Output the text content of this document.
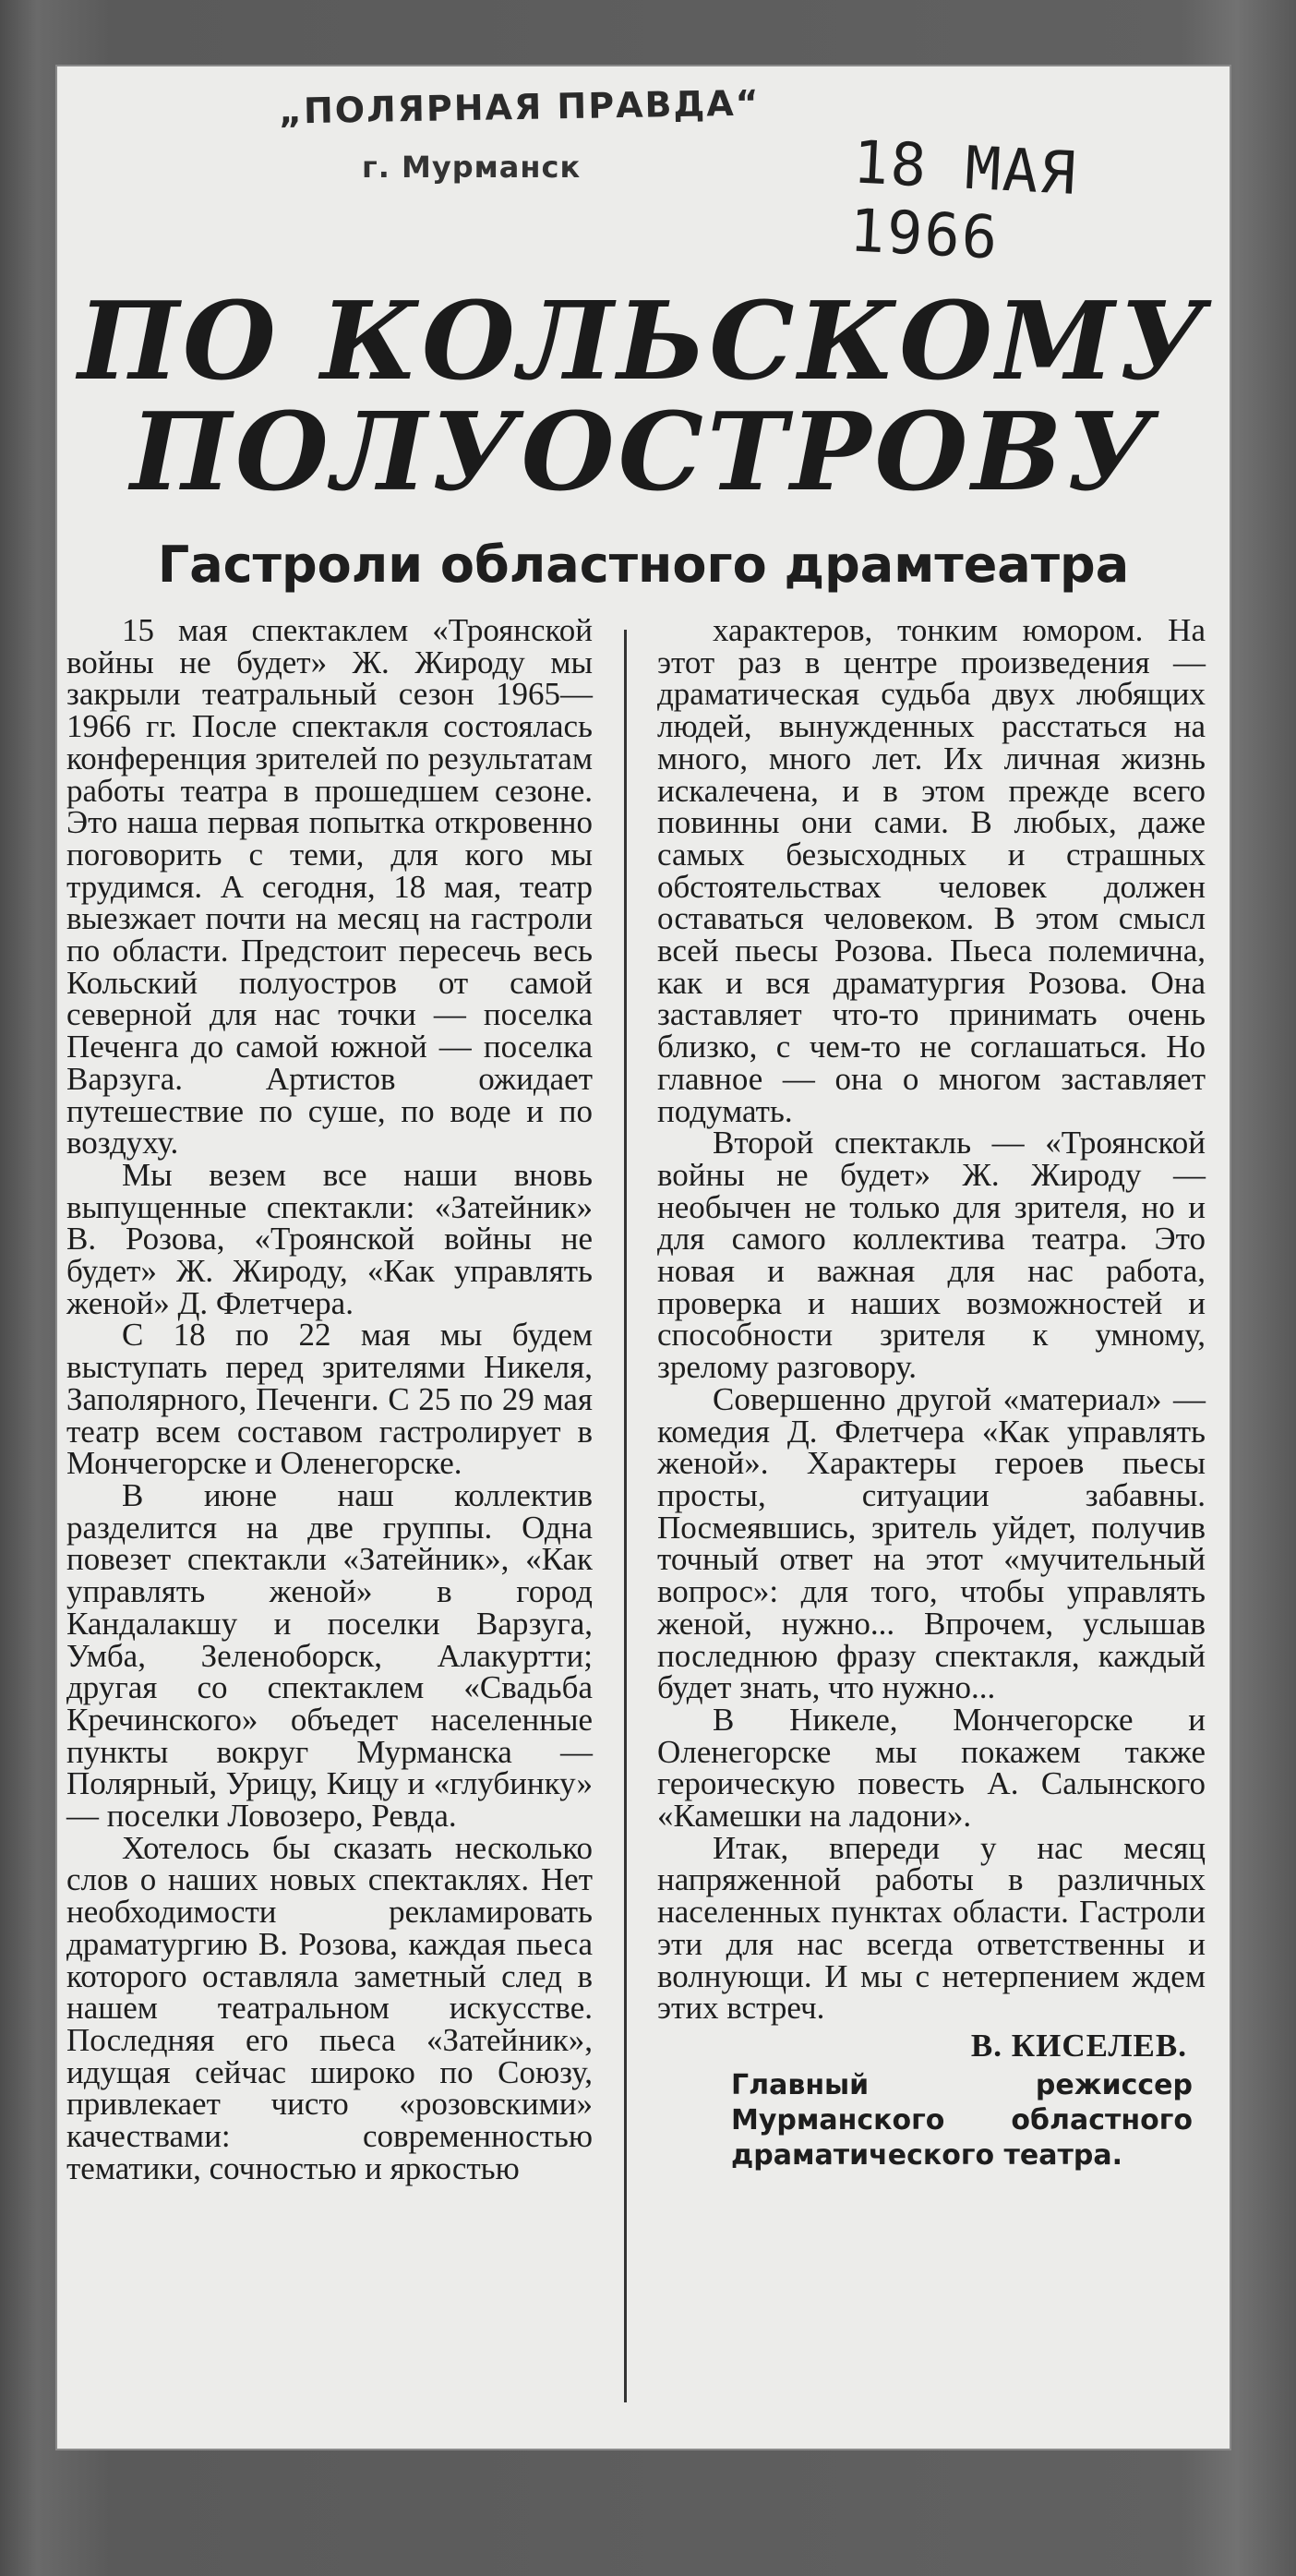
„ПОЛЯРНАЯ ПРАВДА“
г. Мурманск	18 МАЯ 1966
ПО КОЛЬСКОМУ
ПОЛУОСТРОВУ
Гастроли областного драмтеатра

15 мая спектаклем «Троянской войны не будет» Ж. Жироду мы закрыли театральный сезон 1965—1966 гг. После спектакля состоялась конференция зрителей по результатам работы театра в прошедшем сезоне. Это наша первая попытка откровенно поговорить с теми, для кого мы трудимся. А сегодня, 18 мая, театр выезжает почти на месяц на гастроли по области. Предстоит пересечь весь Кольский полуостров от самой северной для нас точки — поселка Печенга до самой южной — поселка Варзуга. Артистов ожидает путешествие по суше, по воде и по воздуху.

Мы везем все наши вновь выпущенные спектакли: «Затейник» В. Розова, «Троянской войны не будет» Ж. Жироду, «Как управлять женой» Д. Флетчера.

С 18 по 22 мая мы будем выступать перед зрителями Никеля, Заполярного, Печенги. С 25 по 29 мая театр всем составом гастролирует в Мончегорске и Оленегорске.

В июне наш коллектив разделится на две группы. Одна повезет спектакли «Затейник», «Как управлять женой» в город Кандалакшу и поселки Варзуга, Умба, Зеленоборск, Алакуртти; другая со спектаклем «Свадьба Кречинского» объедет населенные пункты вокруг Мурманска — Полярный, Урицу, Кицу и «глубинку» — поселки Ловозеро, Ревда.

Хотелось бы сказать несколько слов о наших новых спектаклях. Нет необходимости рекламировать драматургию В. Розова, каждая пьеса которого оставляла заметный след в нашем театральном искусстве. Последняя его пьеса «Затейник», идущая сейчас широко по Союзу, привлекает чисто «розовскими» качествами: современностью тематики, сочностью и яркостью

характеров, тонким юмором. На этот раз в центре произведения — драматическая судьба двух любящих людей, вынужденных расстаться на много, много лет. Их личная жизнь искалечена, и в этом прежде всего повинны они сами. В любых, даже самых безысходных и страшных обстоятельствах человек должен оставаться человеком. В этом смысл всей пьесы Розова. Пьеса полемична, как и вся драматургия Розова. Она заставляет что-то принимать очень близко, с чем-то не соглашаться. Но главное — она о многом заставляет подумать.

Второй спектакль — «Троянской войны не будет» Ж. Жироду — необычен не только для зрителя, но и для самого коллектива театра. Это новая и важная для нас работа, проверка и наших возможностей и способности зрителя к умному, зрелому разговору.

Совершенно другой «материал» — комедия Д. Флетчера «Как управлять женой». Характеры героев пьесы просты, ситуации забавны. Посмеявшись, зритель уйдет, получив точный ответ на этот «мучительный вопрос»: для того, чтобы управлять женой, нужно... Впрочем, услышав последнюю фразу спектакля, каждый будет знать, что нужно...

В Никеле, Мончегорске и Оленегорске мы покажем также героическую повесть А. Салынского «Камешки на ладони».

Итак, впереди у нас месяц напряженной работы в различных населенных пунктах области. Гастроли эти для нас всегда ответственны и волнующи. И мы с нетерпением ждем этих встреч.

В. КИСЕЛЕВ.
Главный режиссер Мурманского областного драматического театра.
